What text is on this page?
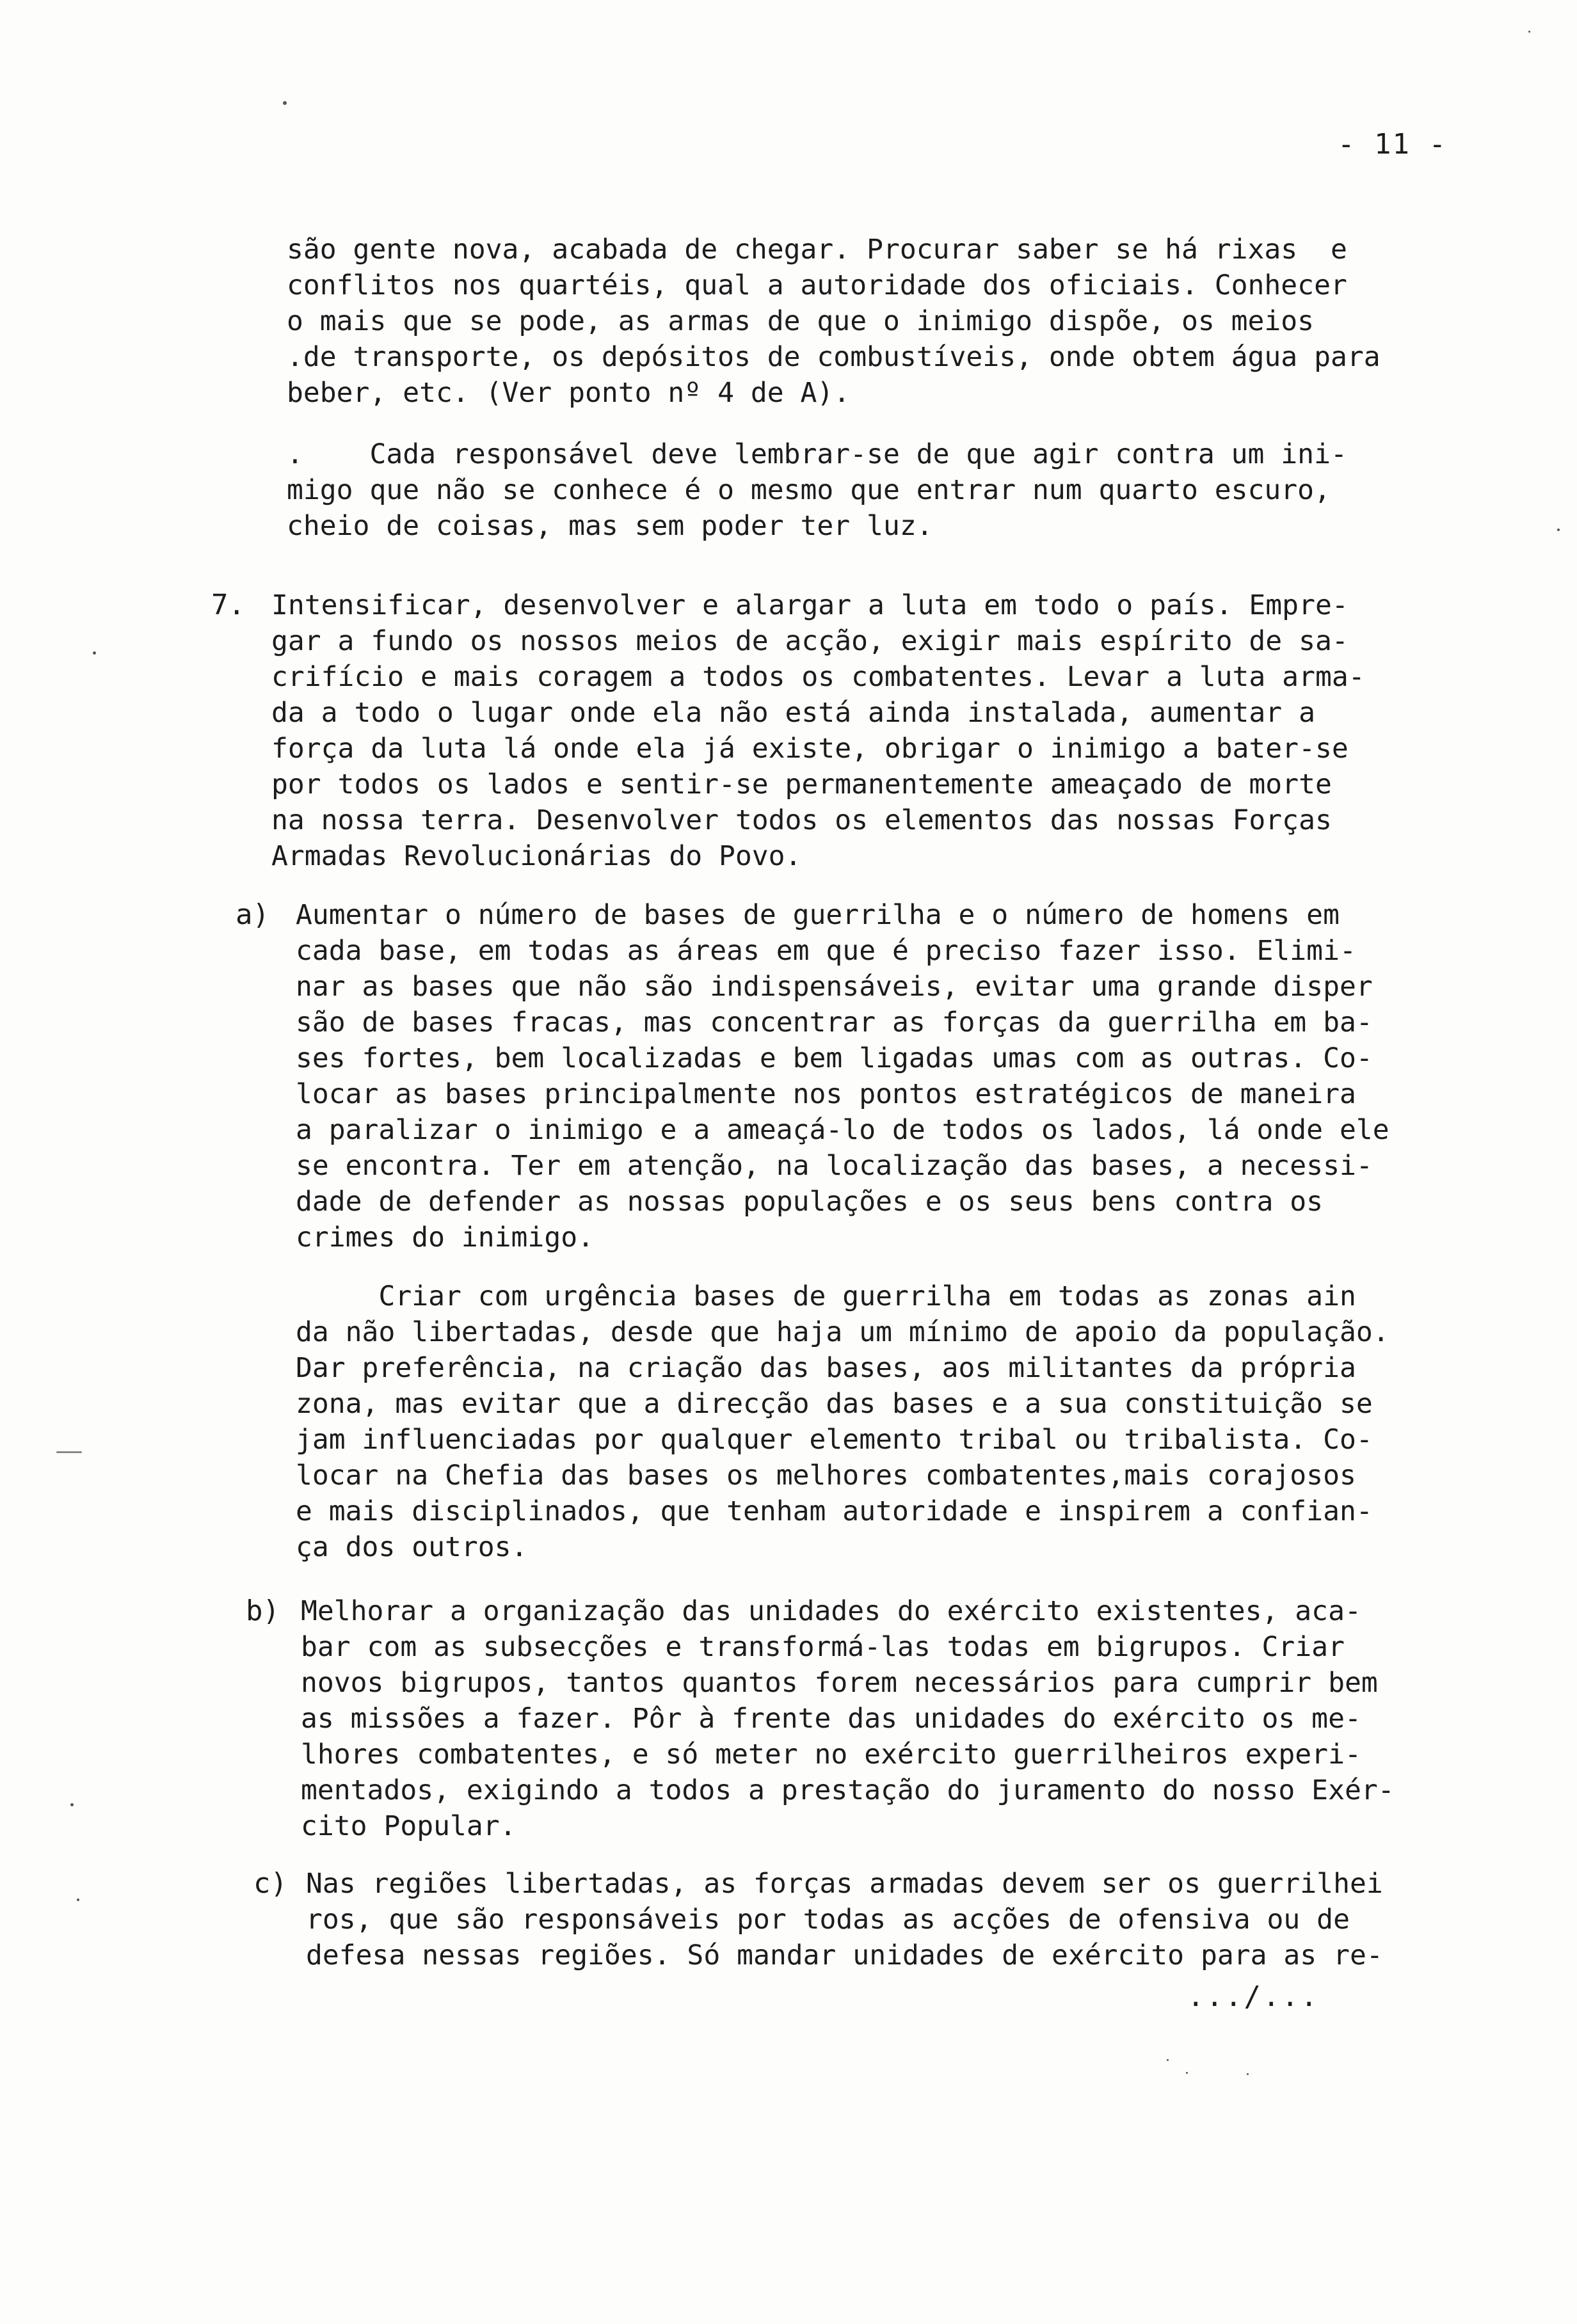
- 11 -
são gente nova, acabada de chegar. Procurar saber se há rixas  e
conflitos nos quartéis, qual a autoridade dos oficiais. Conhecer
o mais que se pode, as armas de que o inimigo dispõe, os meios
.de transporte, os depósitos de combustíveis, onde obtem água para
beber, etc. (Ver ponto nº 4 de A).
.    Cada responsável deve lembrar-se de que agir contra um ini-
migo que não se conhece é o mesmo que entrar num quarto escuro,
cheio de coisas, mas sem poder ter luz.
7. Intensificar, desenvolver e alargar a luta em todo o país. Empre-
gar a fundo os nossos meios de acção, exigir mais espírito de sa-
crifício e mais coragem a todos os combatentes. Levar a luta arma-
da a todo o lugar onde ela não está ainda instalada, aumentar a
força da luta lá onde ela já existe, obrigar o inimigo a bater-se
por todos os lados e sentir-se permanentemente ameaçado de morte
na nossa terra. Desenvolver todos os elementos das nossas Forças
Armadas Revolucionárias do Povo.
a) Aumentar o número de bases de guerrilha e o número de homens em
cada base, em todas as áreas em que é preciso fazer isso. Elimi-
nar as bases que não são indispensáveis, evitar uma grande disper
são de bases fracas, mas concentrar as forças da guerrilha em ba-
ses fortes, bem localizadas e bem ligadas umas com as outras. Co-
locar as bases principalmente nos pontos estratégicos de maneira
a paralizar o inimigo e a ameaçá-lo de todos os lados, lá onde ele
se encontra. Ter em atenção, na localização das bases, a necessi-
dade de defender as nossas populações e os seus bens contra os
crimes do inimigo.
Criar com urgência bases de guerrilha em todas as zonas ain
da não libertadas, desde que haja um mínimo de apoio da população.
Dar preferência, na criação das bases, aos militantes da própria
zona, mas evitar que a direcção das bases e a sua constituição se
jam influenciadas por qualquer elemento tribal ou tribalista. Co-
locar na Chefia das bases os melhores combatentes,mais corajosos
e mais disciplinados, que tenham autoridade e inspirem a confian-
ça dos outros.
b) Melhorar a organização das unidades do exército existentes, aca-
bar com as subsecções e transformá-las todas em bigrupos. Criar
novos bigrupos, tantos quantos forem necessários para cumprir bem
as missões a fazer. Pôr à frente das unidades do exército os me-
lhores combatentes, e só meter no exército guerrilheiros experi-
mentados, exigindo a todos a prestação do juramento do nosso Exér-
cito Popular.
c) Nas regiões libertadas, as forças armadas devem ser os guerrilhei
ros, que são responsáveis por todas as acções de ofensiva ou de
defesa nessas regiões. Só mandar unidades de exército para as re-
.../...
